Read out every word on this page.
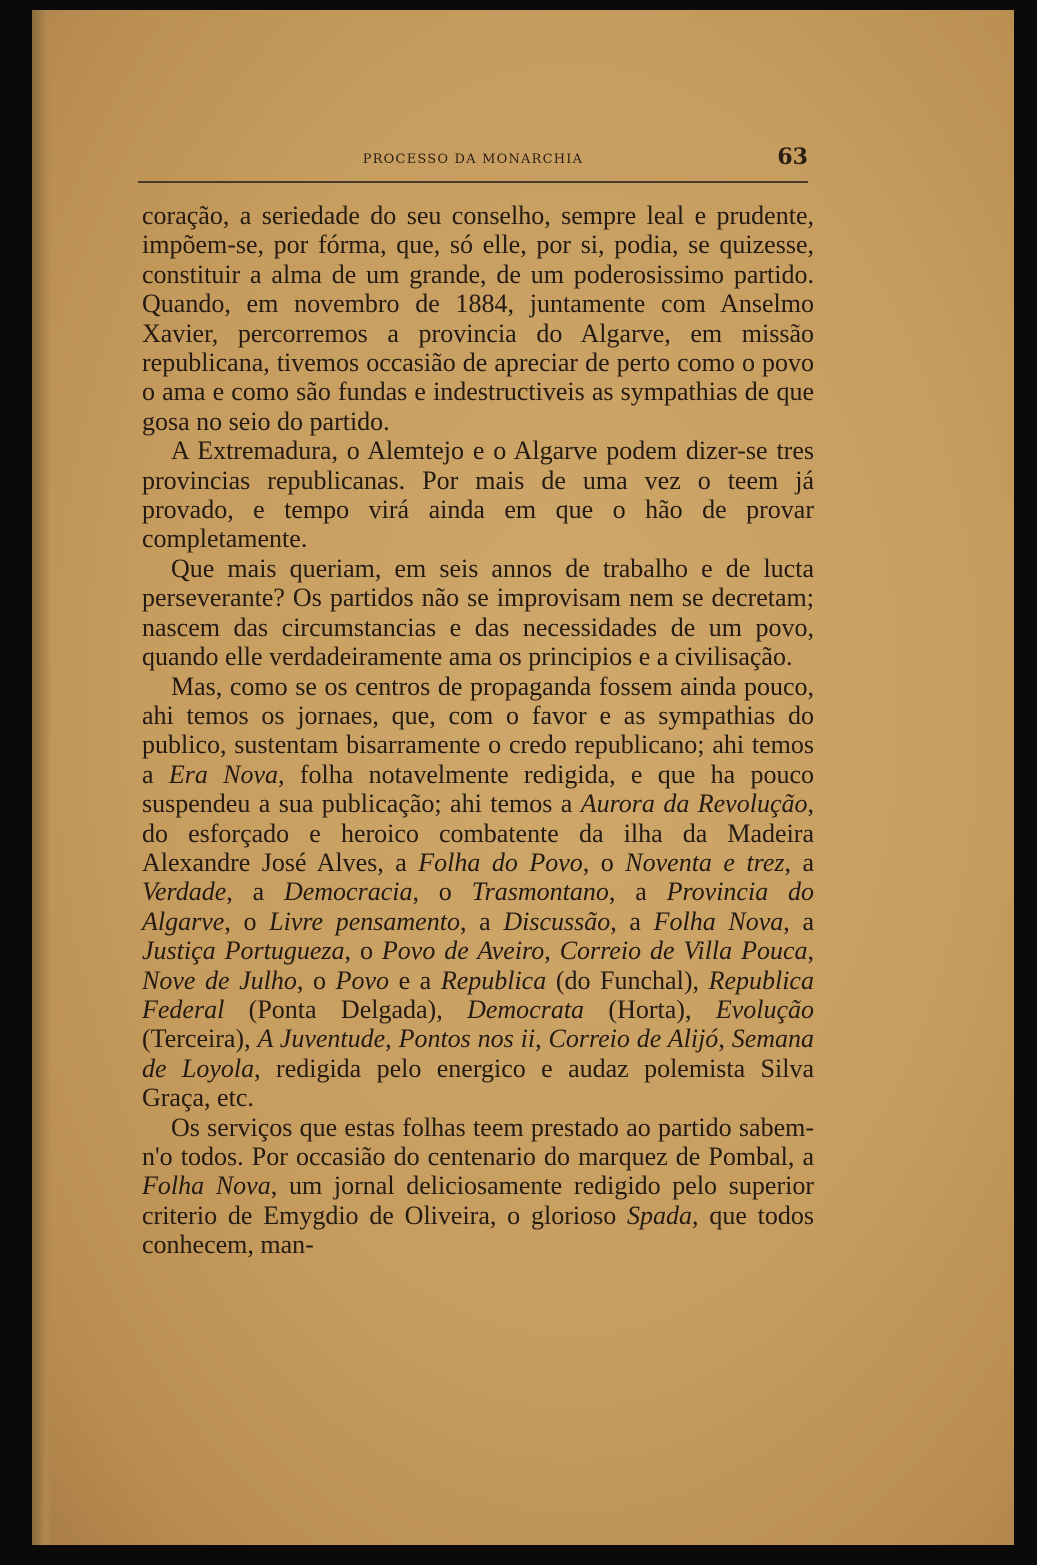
PROCESSO DA MONARCHIA	63

coração, a seriedade do seu conselho, sempre leal e prudente, impõem-se, por fórma, que, só elle, por si, podia, se quizesse, constituir a alma de um grande, de um poderosissimo partido. Quando, em novembro de 1884, juntamente com Anselmo Xavier, percorremos a provincia do Algarve, em missão republicana, tivemos occasião de apreciar de perto como o povo o ama e como são fundas e indestructiveis as sympathias de que gosa no seio do partido.

A Extremadura, o Alemtejo e o Algarve podem dizer-se tres provincias republicanas. Por mais de uma vez o teem já provado, e tempo virá ainda em que o hão de provar completamente.

Que mais queriam, em seis annos de trabalho e de lucta perseverante? Os partidos não se improvisam nem se decretam; nascem das circumstancias e das necessidades de um povo, quando elle verdadeiramente ama os principios e a civilisação.

Mas, como se os centros de propaganda fossem ainda pouco, ahi temos os jornaes, que, com o favor e as sympathias do publico, sustentam bisarramente o credo republicano; ahi temos a Era Nova, folha notavelmente redigida, e que ha pouco suspendeu a sua publicação; ahi temos a Aurora da Revolução, do esforçado e heroico combatente da ilha da Madeira Alexandre José Alves, a Folha do Povo, o Noventa e trez, a Verdade, a Democracia, o Trasmontano, a Provincia do Algarve, o Livre pensamento, a Discussão, a Folha Nova, a Justiça Portugueza, o Povo de Aveiro, Correio de Villa Pouca, Nove de Julho, o Povo e a Republica (do Funchal), Republica Federal (Ponta Delgada), Democrata (Horta), Evolução (Terceira), A Juventude, Pontos nos ii, Correio de Alijó, Semana de Loyola, redigida pelo energico e audaz polemista Silva Graça, etc.

Os serviços que estas folhas teem prestado ao partido sabem-n'o todos. Por occasião do centenario do marquez de Pombal, a Folha Nova, um jornal deliciosamente redigido pelo superior criterio de Emygdio de Oliveira, o glorioso Spada, que todos conhecem, man-
